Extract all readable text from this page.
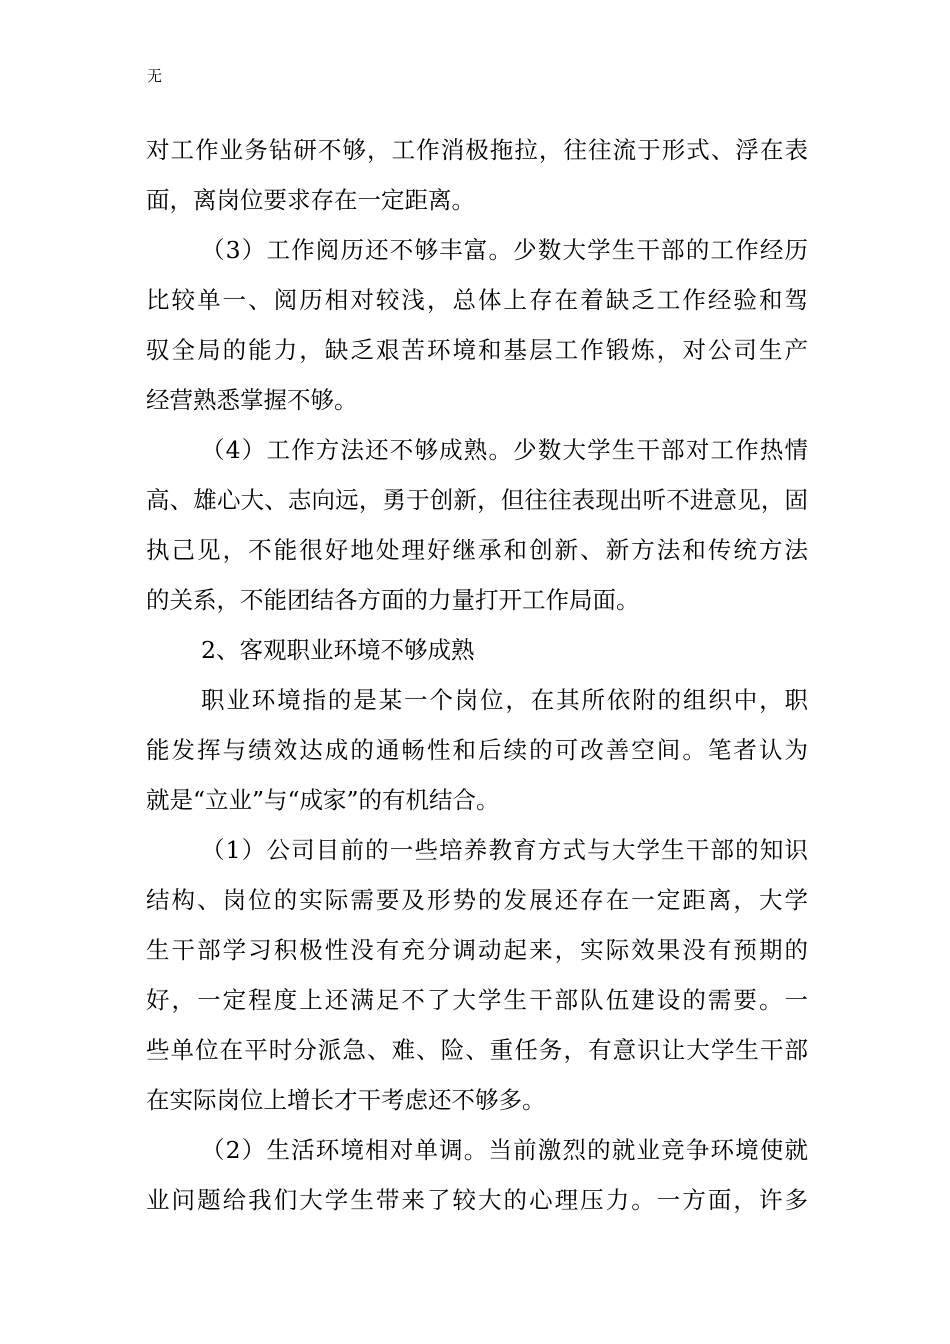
无

对工作业务钻研不够，工作消极拖拉，往往流于形式、浮在表
面，离岗位要求存在一定距离。
（3）工作阅历还不够丰富。少数大学生干部的工作经历
比较单一、阅历相对较浅，总体上存在着缺乏工作经验和驾
驭全局的能力，缺乏艰苦环境和基层工作锻炼，对公司生产
经营熟悉掌握不够。
（4）工作方法还不够成熟。少数大学生干部对工作热情
高、雄心大、志向远，勇于创新，但往往表现出听不进意见，固
执己见，不能很好地处理好继承和创新、新方法和传统方法
的关系，不能团结各方面的力量打开工作局面。
2、客观职业环境不够成熟
职业环境指的是某一个岗位，在其所依附的组织中，职
能发挥与绩效达成的通畅性和后续的可改善空间。笔者认为
就是“立业”与“成家”的有机结合。
（1）公司目前的一些培养教育方式与大学生干部的知识
结构、岗位的实际需要及形势的发展还存在一定距离，大学
生干部学习积极性没有充分调动起来，实际效果没有预期的
好，一定程度上还满足不了大学生干部队伍建设的需要。一
些单位在平时分派急、难、险、重任务，有意识让大学生干部
在实际岗位上增长才干考虑还不够多。
（2）生活环境相对单调。当前激烈的就业竞争环境使就
业问题给我们大学生带来了较大的心理压力。一方面，许多
